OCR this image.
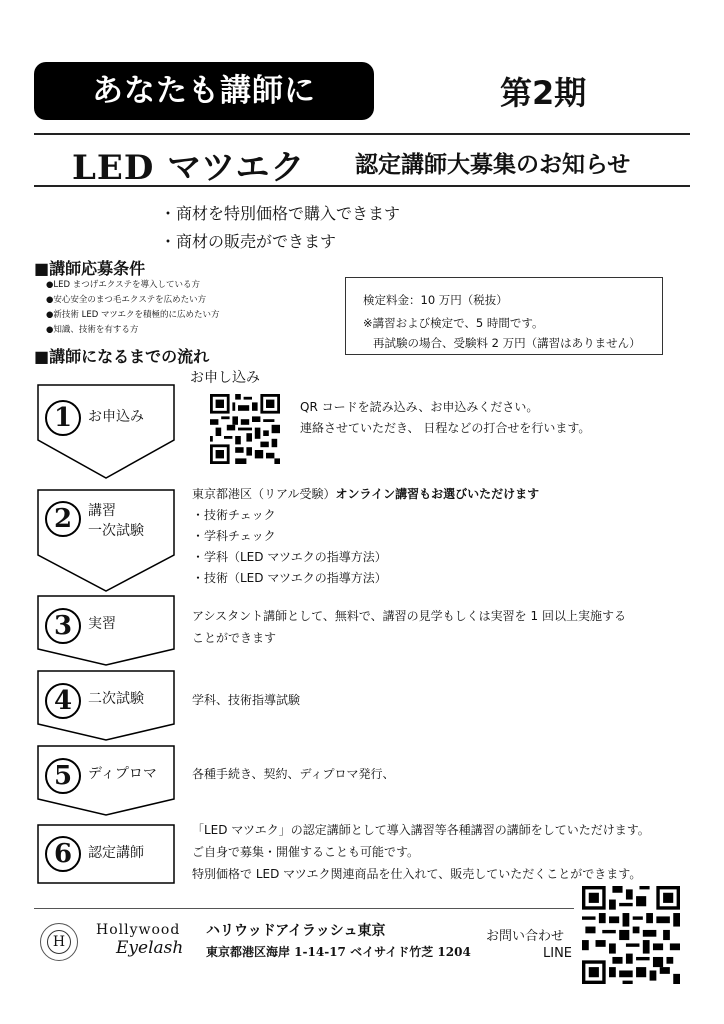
あなたも講師に	第2期
LED マツエク 認定講師大募集のお知らせ
・商材を特別価格で購入できます
・商材の販売ができます
■講師応募条件
●LED まつげエクステを導入している方
●安心安全のまつ毛エクステを広めたい方
●新技術 LED マツエクを積極的に広めたい方
●知識、技術を有する方
検定料金：10 万円（税抜）
※講習および検定で、5 時間です。
再試験の場合、受験料 2 万円（講習はありません）
■講師になるまでの流れ
お申し込み
1	お申込み
QR コードを読み込み、お申込みください。
連絡させていただき、 日程などの打合せを行います。
2	講習
一次試験
東京都港区（リアル受験）オンライン講習もお選びいただけます
・技術チェック
・学科チェック
・学科（LED マツエクの指導方法）
・技術（LED マツエクの指導方法）
3	実習	アシスタント講師として、無料で、講習の見学もしくは実習を 1 回以上実施する
ことができます
4	二次試験	学科、技術指導試験
5	ディプロマ	各種手続き、契約、ディプロマ発行、
6	認定講師
「LED マツエク」の認定講師として導入講習等各種講習の講師をしていただけます。
ご自身で募集・開催することも可能です。
特別価格で LED マツエク関連商品を仕入れて、販売していただくことができます。
H
Hollywood
Eyelash
ハリウッドアイラッシュ東京
東京都港区海岸 1-14-17 ベイサイド竹芝 1204
お問い合わせ
LINE
